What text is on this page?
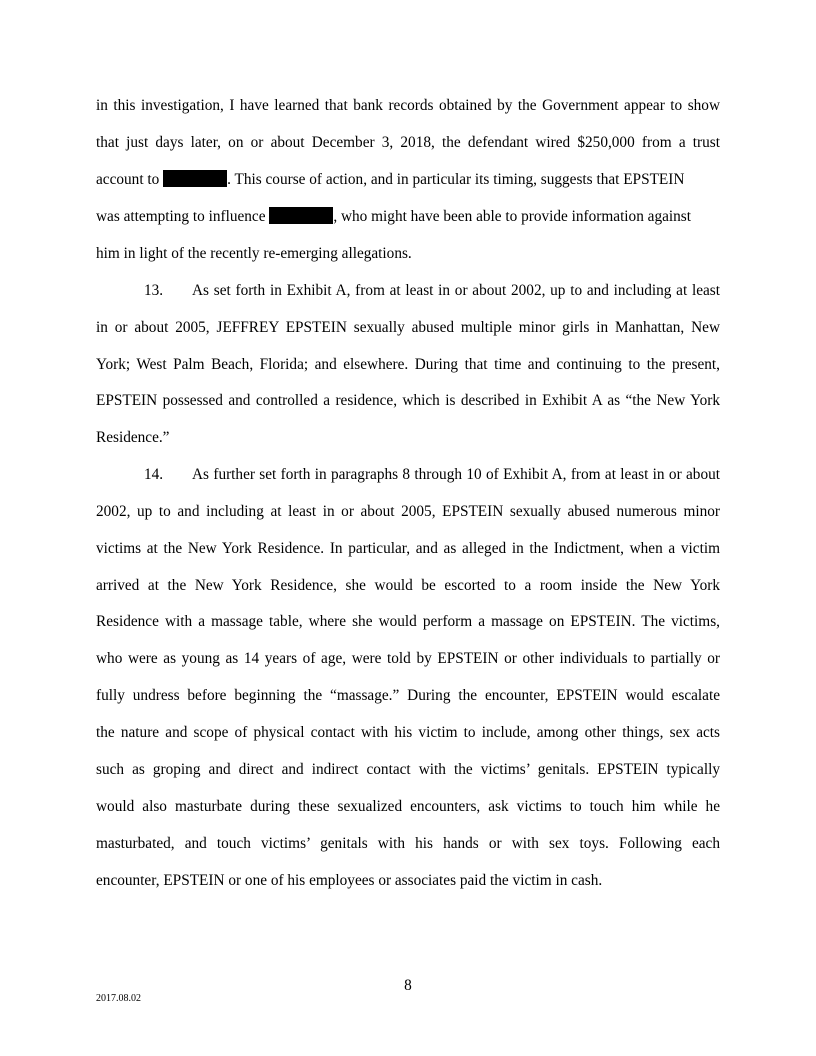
in this investigation, I have learned that bank records obtained by the Government appear to show
that just days later, on or about December 3, 2018, the defendant wired $250,000 from a trust
account to	. This course of action, and in particular its timing, suggests that EPSTEIN
was attempting to influence	, who might have been able to provide information against
him in light of the recently re-emerging allegations.
13. As set forth in Exhibit A, from at least in or about 2002, up to and including at least
in or about 2005, JEFFREY EPSTEIN sexually abused multiple minor girls in Manhattan, New
York; West Palm Beach, Florida; and elsewhere. During that time and continuing to the present,
EPSTEIN possessed and controlled a residence, which is described in Exhibit A as “the New York
Residence.”
14. As further set forth in paragraphs 8 through 10 of Exhibit A, from at least in or about
2002, up to and including at least in or about 2005, EPSTEIN sexually abused numerous minor
victims at the New York Residence. In particular, and as alleged in the Indictment, when a victim
arrived at the New York Residence, she would be escorted to a room inside the New York
Residence with a massage table, where she would perform a massage on EPSTEIN. The victims,
who were as young as 14 years of age, were told by EPSTEIN or other individuals to partially or
fully undress before beginning the “massage.” During the encounter, EPSTEIN would escalate
the nature and scope of physical contact with his victim to include, among other things, sex acts
such as groping and direct and indirect contact with the victims’ genitals. EPSTEIN typically
would also masturbate during these sexualized encounters, ask victims to touch him while he
masturbated, and touch victims’ genitals with his hands or with sex toys. Following each
encounter, EPSTEIN or one of his employees or associates paid the victim in cash.
8
2017.08.02
